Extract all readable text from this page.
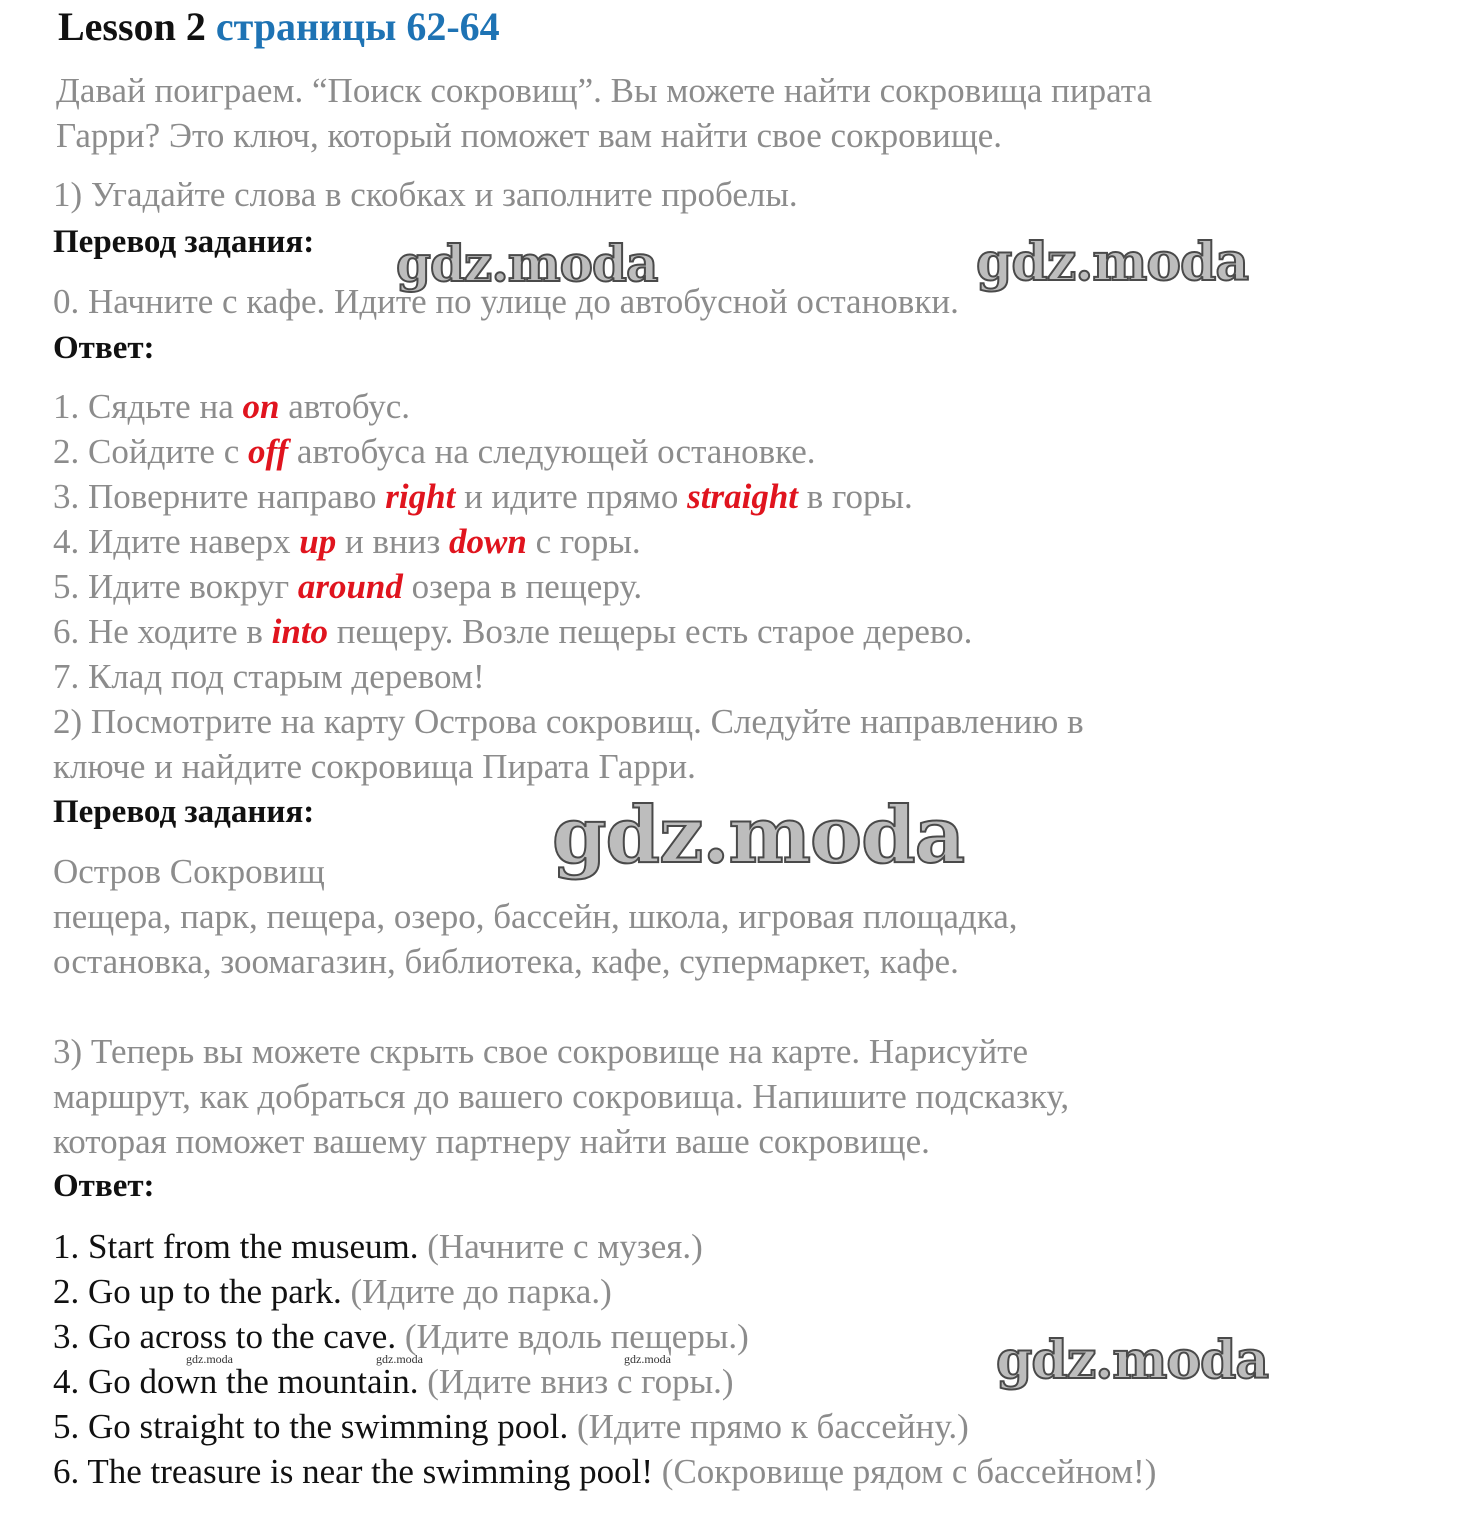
Lesson 2 страницы 62-64
Давай поиграем. “Поиск сокровищ”. Вы можете найти сокровища пирата
Гарри? Это ключ, который поможет вам найти свое сокровище.
1) Угадайте слова в скобках и заполните пробелы.
Перевод задания:
0. Начните с кафе. Идите по улице до автобусной остановки.
Ответ:
1. Сядьте на on автобус.
2. Сойдите с off автобуса на следующей остановке.
3. Поверните направо right и идите прямо straight в горы.
4. Идите наверх up и вниз down с горы.
5. Идите вокруг around озера в пещеру.
6. Не ходите в into пещеру. Возле пещеры есть старое дерево.
7. Клад под старым деревом!
2) Посмотрите на карту Острова сокровищ. Следуйте направлению в
ключе и найдите сокровища Пирата Гарри.
Перевод задания:
Остров Сокровищ
пещера, парк, пещера, озеро, бассейн, школа, игровая площадка,
остановка, зоомагазин, библиотека, кафе, супермаркет, кафе.
3) Теперь вы можете скрыть свое сокровище на карте. Нарисуйте
маршрут, как добраться до вашего сокровища. Напишите подсказку,
которая поможет вашему партнеру найти ваше сокровище.
Ответ:
1. Start from the museum. (Начните с музея.)
2. Go up to the park. (Идите до парка.)
3. Go across to the cave. (Идите вдоль пещеры.)
4. Go down the mountain. (Идите вниз с горы.)
5. Go straight to the swimming pool. (Идите прямо к бассейну.)
6. The treasure is near the swimming pool! (Сокровище рядом с бассейном!)
gdz.moda	gdz.moda
gdz.moda
gdz.moda
gdz.moda	gdz.moda	gdz.moda
